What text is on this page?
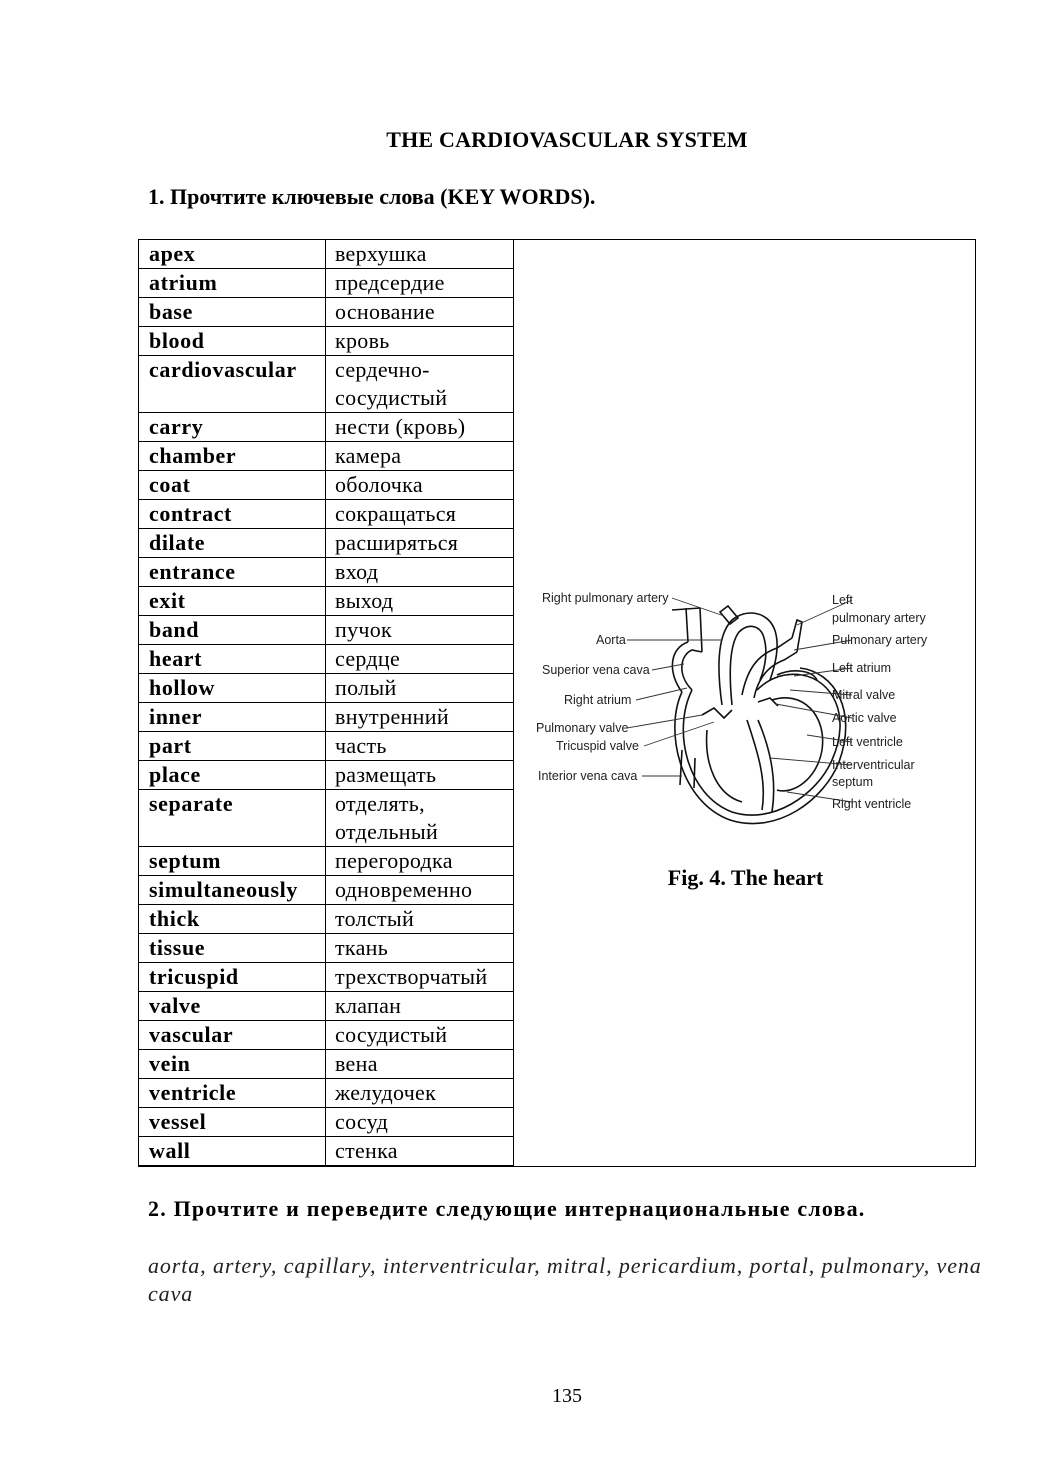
THE CARDIOVASCULAR SYSTEM
1. Прочтите ключевые слова (KEY WORDS).
apex	верхушка
atrium	предсердие
base	основание
blood	кровь
cardiovascular	сердечно-
сосудистый
carry	нести (кровь)
chamber	камера
coat	оболочка
contract	сокращаться
dilate	расширяться
entrance	вход
exit	выход
band	пучок
heart	сердце
hollow	полый
inner	внутренний
part	часть
place	размещать
separate	отделять,
отдельный
septum	перегородка
simultaneously	одновременно
thick	толстый
tissue	ткань
tricuspid	трехстворчатый
valve	клапан
vascular	сосудистый
vein	вена
ventricle	желудочек
vessel	сосуд
wall	стенка
Right pulmonary artery
Aorta
Superior vena cava
Right atrium
Pulmonary valve
Tricuspid valve
Interior vena cava
Left
pulmonary artery
Pulmonary artery
Left atrium
Mitral valve
Aortic valve
Left ventricle
Interventricular
septum
Right ventricle
Fig. 4. The heart
2. Прочтите и переведите следующие интернациональные слова.
aorta, artery, capillary, interventricular, mitral, pericardium, portal, pulmonary, vena cava
135
